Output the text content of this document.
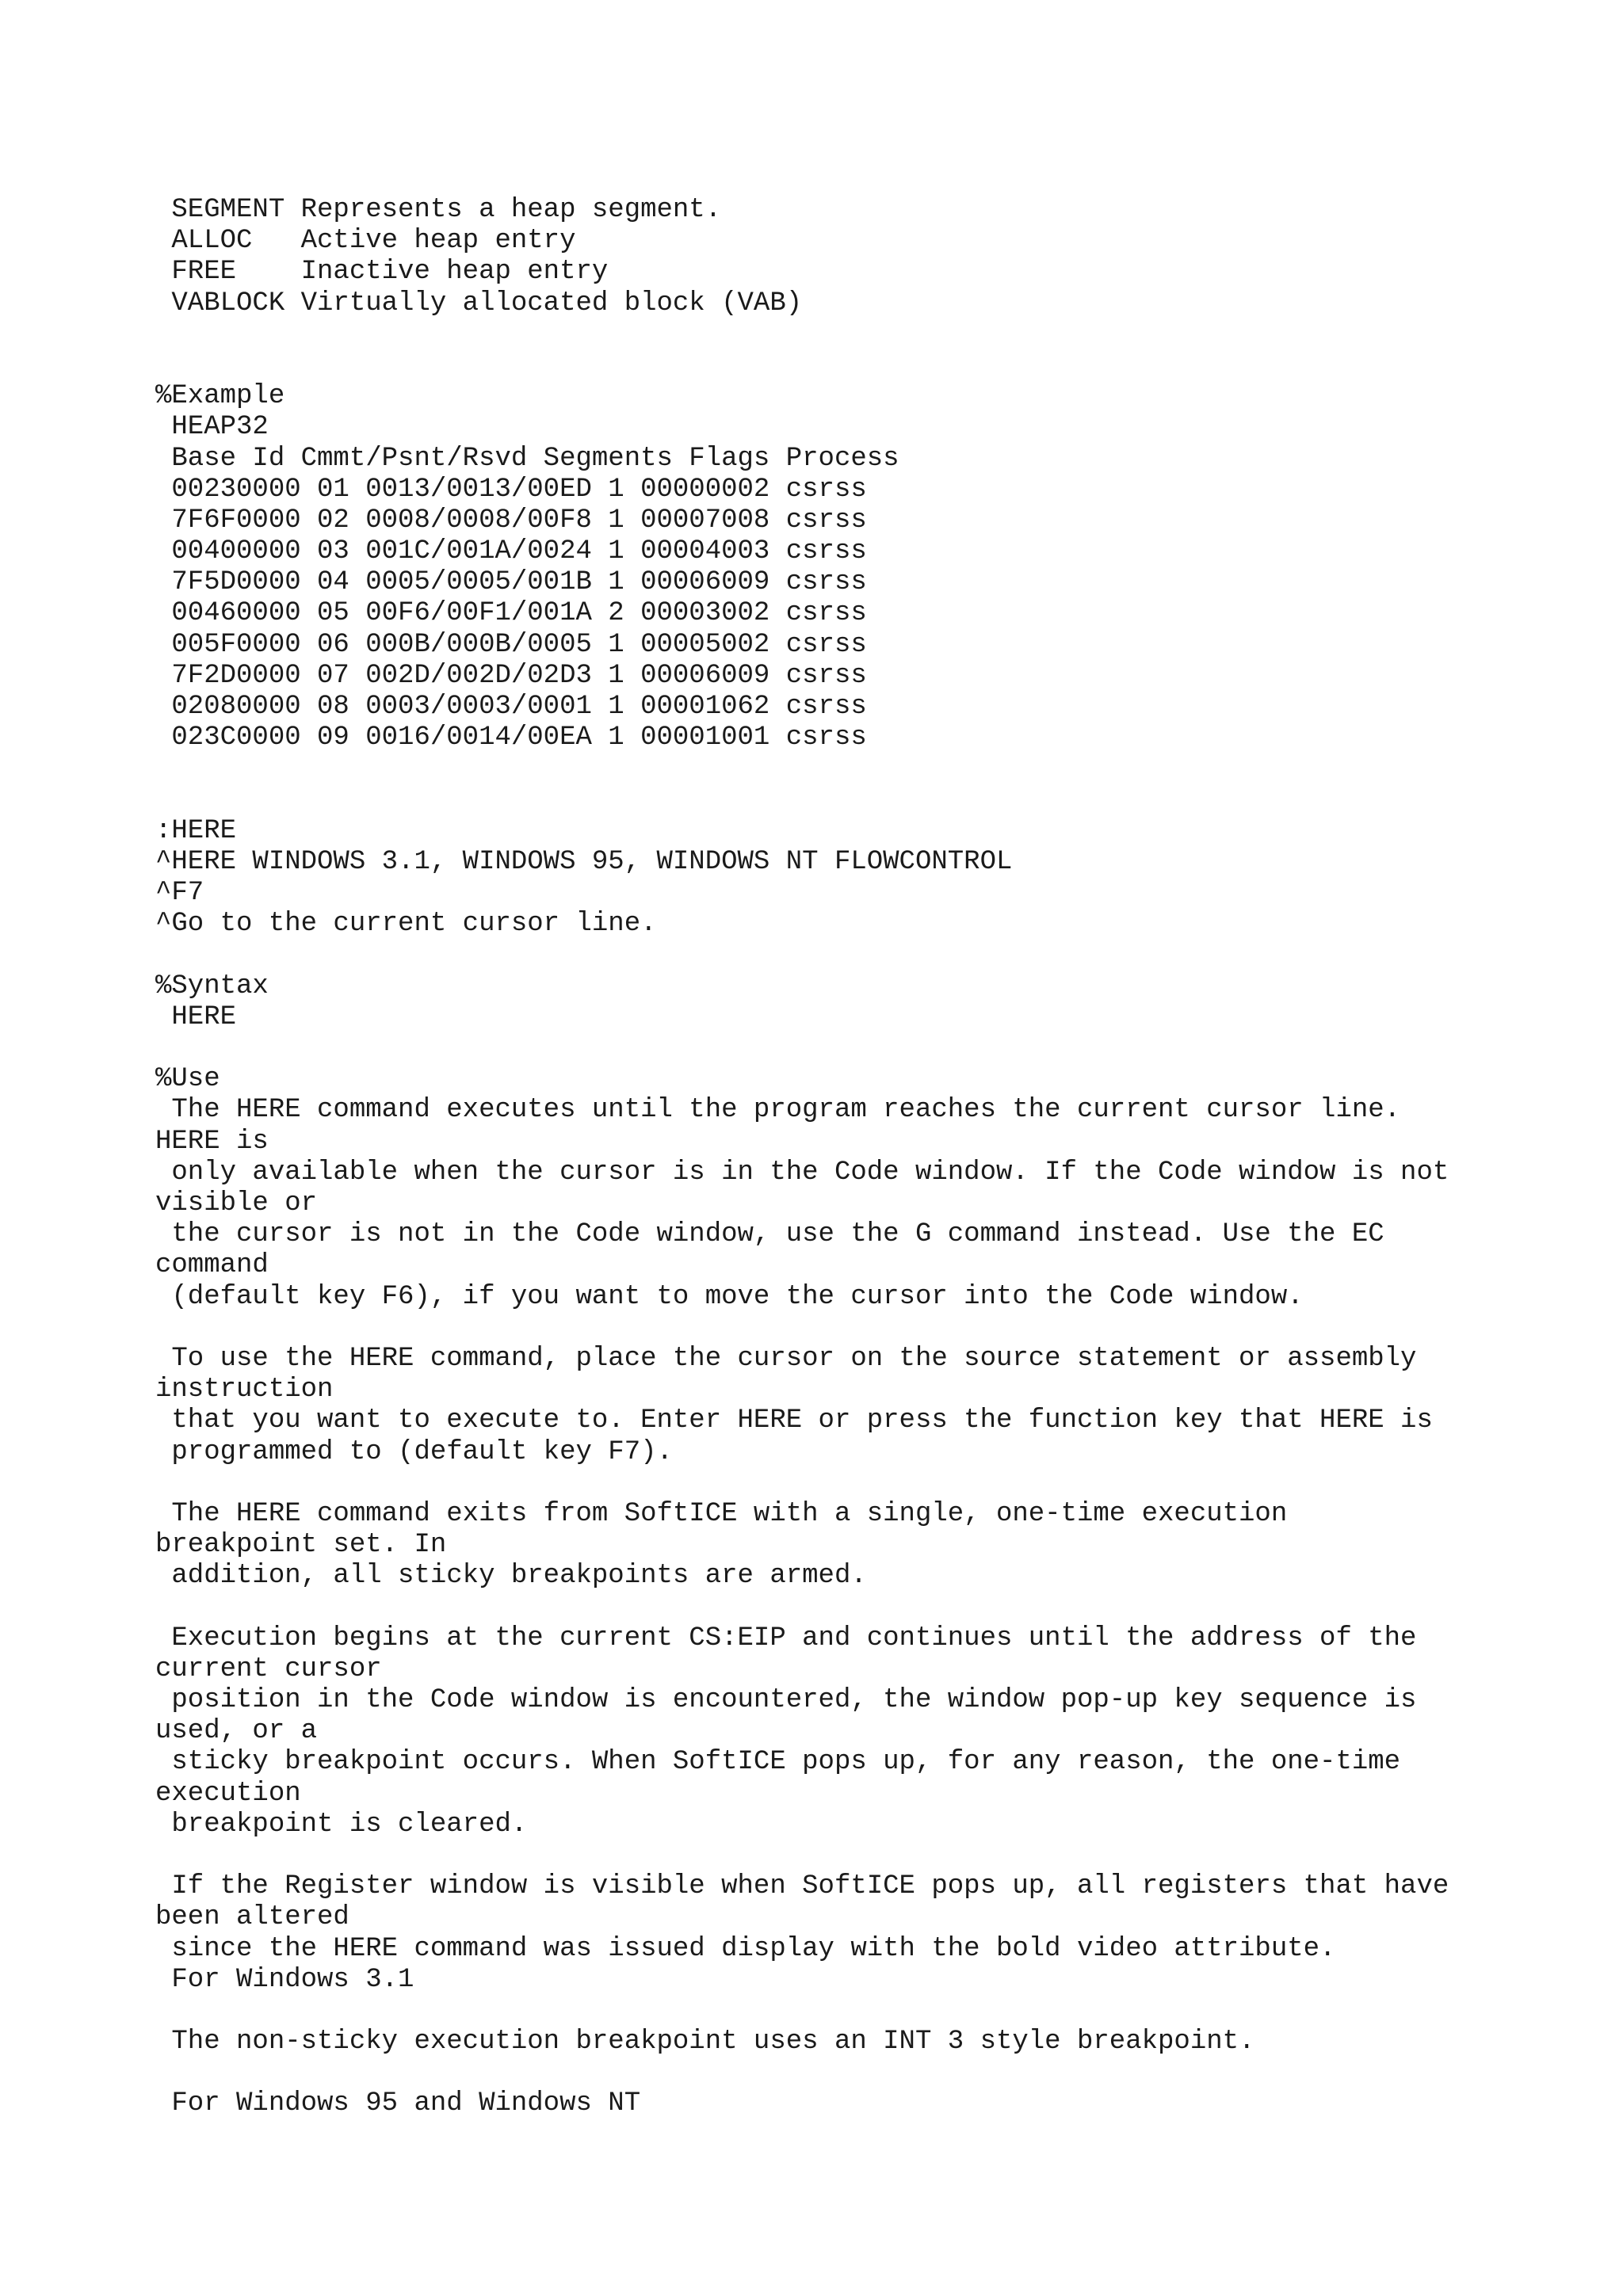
SEGMENT Represents a heap segment.
ALLOC   Active heap entry
FREE    Inactive heap entry
VABLOCK Virtually allocated block (VAB)
%Example
HEAP32
Base Id Cmmt/Psnt/Rsvd Segments Flags Process
00230000 01 0013/0013/00ED 1 00000002 csrss
7F6F0000 02 0008/0008/00F8 1 00007008 csrss
00400000 03 001C/001A/0024 1 00004003 csrss
7F5D0000 04 0005/0005/001B 1 00006009 csrss
00460000 05 00F6/00F1/001A 2 00003002 csrss
005F0000 06 000B/000B/0005 1 00005002 csrss
7F2D0000 07 002D/002D/02D3 1 00006009 csrss
02080000 08 0003/0003/0001 1 00001062 csrss
023C0000 09 0016/0014/00EA 1 00001001 csrss
:HERE
^HERE WINDOWS 3.1, WINDOWS 95, WINDOWS NT FLOWCONTROL
^F7
^Go to the current cursor line.
%Syntax
HERE
%Use
The HERE command executes until the program reaches the current cursor line.
HERE is
only available when the cursor is in the Code window. If the Code window is not
visible or
the cursor is not in the Code window, use the G command instead. Use the EC
command
(default key F6), if you want to move the cursor into the Code window.
To use the HERE command, place the cursor on the source statement or assembly
instruction
that you want to execute to. Enter HERE or press the function key that HERE is
programmed to (default key F7).
The HERE command exits from SoftICE with a single, one-time execution
breakpoint set. In
addition, all sticky breakpoints are armed.
Execution begins at the current CS:EIP and continues until the address of the
current cursor
position in the Code window is encountered, the window pop-up key sequence is
used, or a
sticky breakpoint occurs. When SoftICE pops up, for any reason, the one-time
execution
breakpoint is cleared.
If the Register window is visible when SoftICE pops up, all registers that have
been altered
since the HERE command was issued display with the bold video attribute.
For Windows 3.1
The non-sticky execution breakpoint uses an INT 3 style breakpoint.
For Windows 95 and Windows NT
